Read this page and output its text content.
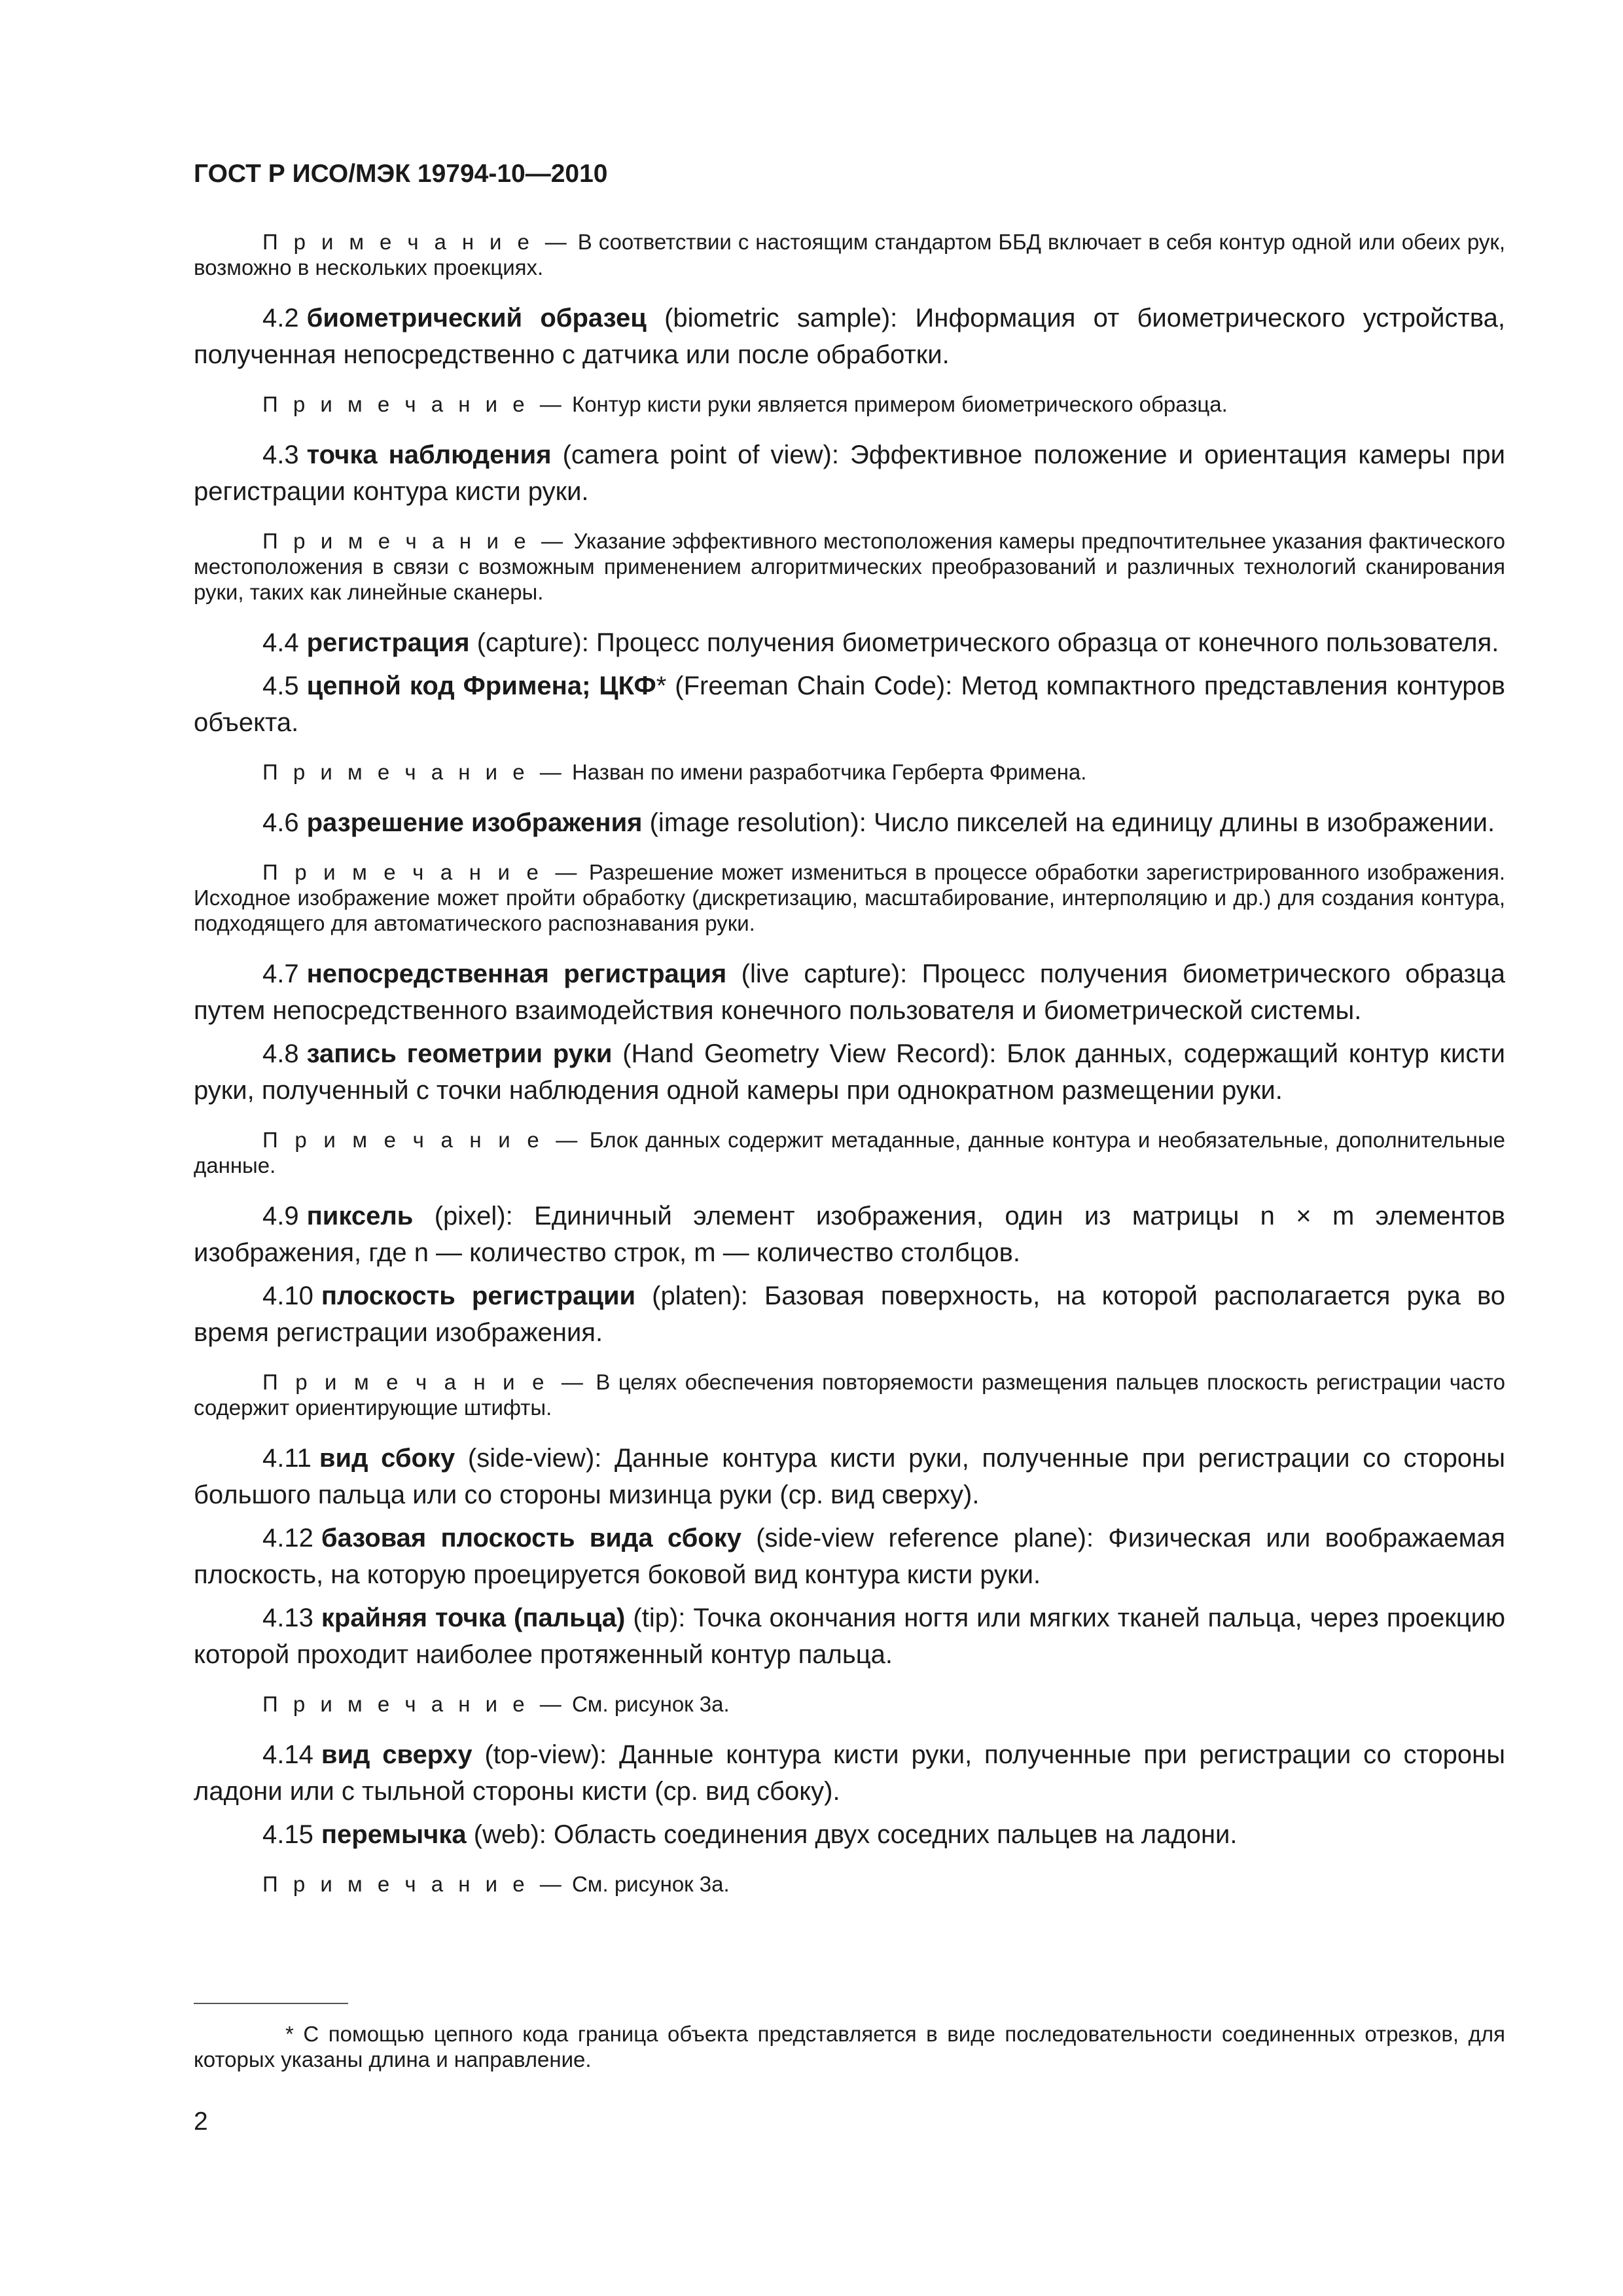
ГОСТ Р ИСО/МЭК 19794-10—2010

П р и м е ч а н и е — В соответствии с настоящим стандартом ББД включает в себя контур одной или обеих рук, возможно в нескольких проекциях.

4.2 биометрический образец (biometric sample): Информация от биометрического устройства, полученная непосредственно с датчика или после обработки.

П р и м е ч а н и е — Контур кисти руки является примером биометрического образца.

4.3 точка наблюдения (camera point of view): Эффективное положение и ориентация камеры при регистрации контура кисти руки.

П р и м е ч а н и е — Указание эффективного местоположения камеры предпочтительнее указания фактического местоположения в связи с возможным применением алгоритмических преобразований и различных технологий сканирования руки, таких как линейные сканеры.

4.4 регистрация (capture): Процесс получения биометрического образца от конечного пользователя.

4.5 цепной код Фримена; ЦКФ* (Freeman Chain Code): Метод компактного представления контуров объекта.

П р и м е ч а н и е — Назван по имени разработчика Герберта Фримена.

4.6 разрешение изображения (image resolution): Число пикселей на единицу длины в изображении.

П р и м е ч а н и е — Разрешение может измениться в процессе обработки зарегистрированного изображения. Исходное изображение может пройти обработку (дискретизацию, масштабирование, интерполяцию и др.) для создания контура, подходящего для автоматического распознавания руки.

4.7 непосредственная регистрация (live capture): Процесс получения биометрического образца путем непосредственного взаимодействия конечного пользователя и биометрической системы.

4.8 запись геометрии руки (Hand Geometry View Record): Блок данных, содержащий контур кисти руки, полученный с точки наблюдения одной камеры при однократном размещении руки.

П р и м е ч а н и е — Блок данных содержит метаданные, данные контура и необязательные, дополнительные данные.

4.9 пиксель (pixel): Единичный элемент изображения, один из матрицы n × m элементов изображения, где n — количество строк, m — количество столбцов.

4.10 плоскость регистрации (platen): Базовая поверхность, на которой располагается рука во время регистрации изображения.

П р и м е ч а н и е — В целях обеспечения повторяемости размещения пальцев плоскость регистрации часто содержит ориентирующие штифты.

4.11 вид сбоку (side-view): Данные контура кисти руки, полученные при регистрации со стороны большого пальца или со стороны мизинца руки (ср. вид сверху).

4.12 базовая плоскость вида сбоку (side-view reference plane): Физическая или воображаемая плоскость, на которую проецируется боковой вид контура кисти руки.

4.13 крайняя точка (пальца) (tip): Точка окончания ногтя или мягких тканей пальца, через проекцию которой проходит наиболее протяженный контур пальца.

П р и м е ч а н и е — См. рисунок 3а.

4.14 вид сверху (top-view): Данные контура кисти руки, полученные при регистрации со стороны ладони или с тыльной стороны кисти (ср. вид сбоку).

4.15 перемычка (web): Область соединения двух соседних пальцев на ладони.

П р и м е ч а н и е — См. рисунок 3а.

* С помощью цепного кода граница объекта представляется в виде последовательности соединенных отрезков, для которых указаны длина и направление.
2
